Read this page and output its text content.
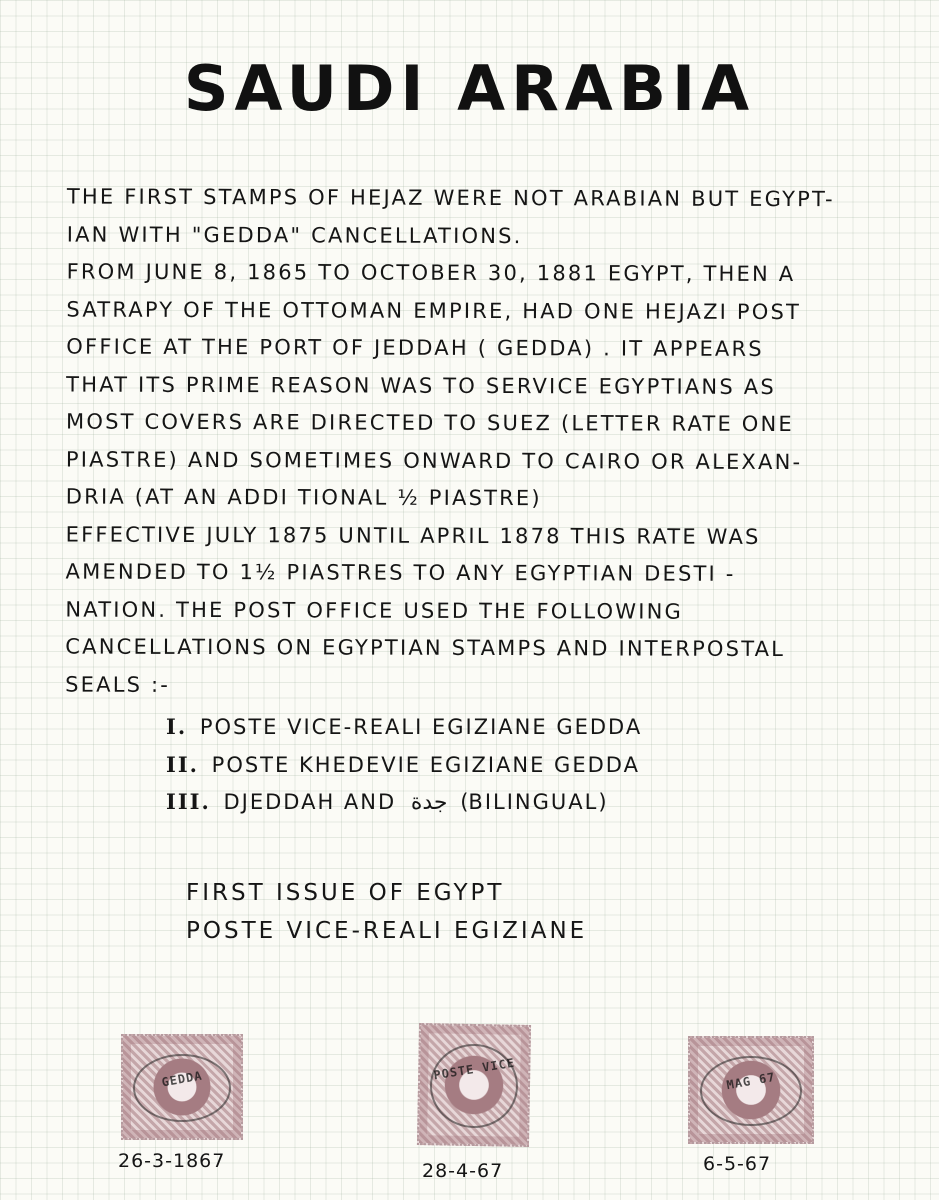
SAUDI ARABIA
THE FIRST STAMPS OF HEJAZ WERE NOT ARABIAN BUT EGYPT-
IAN WITH "GEDDA" CANCELLATIONS.
FROM JUNE 8, 1865 TO OCTOBER 30, 1881 EGYPT, THEN A
SATRAPY OF THE OTTOMAN EMPIRE, HAD ONE HEJAZI POST
OFFICE AT THE PORT OF JEDDAH ( GEDDA) . IT APPEARS
THAT ITS PRIME REASON WAS TO SERVICE EGYPTIANS AS
MOST COVERS ARE DIRECTED TO SUEZ (LETTER RATE ONE
PIASTRE) AND SOMETIMES ONWARD TO CAIRO OR ALEXAN-
DRIA (AT AN ADDI TIONAL ½ PIASTRE)
EFFECTIVE JULY 1875 UNTIL APRIL 1878 THIS RATE WAS
AMENDED TO 1½ PIASTRES TO ANY EGYPTIAN DESTI -
NATION. THE POST OFFICE USED THE FOLLOWING
CANCELLATIONS ON EGYPTIAN STAMPS AND INTERPOSTAL
SEALS :-
I. POSTE VICE-REALI EGIZIANE GEDDA
II. POSTE KHEDEVIE EGIZIANE GEDDA
III. DJEDDAH AND جدة (BILINGUAL)
FIRST ISSUE OF EGYPT
POSTE VICE-REALI EGIZIANE
GEDDA
26-3-1867
POSTE VICE
28-4-67
MAG 67
6-5-67
